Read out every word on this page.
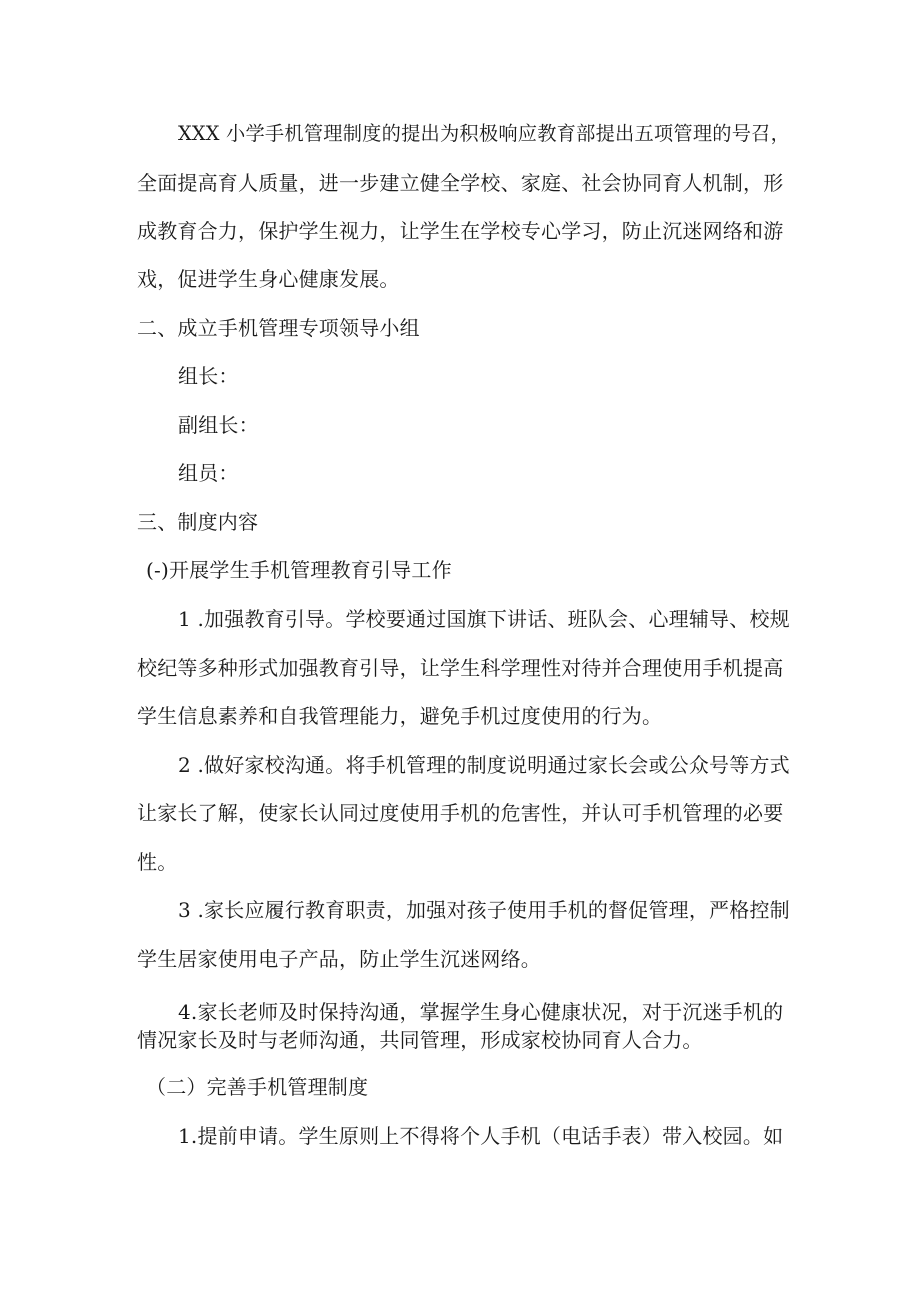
XXX 小学手机管理制度的提出为积极响应教育部提出五项管理的号召，
全面提高育人质量，进一步建立健全学校、家庭、社会协同育人机制，形
成教育合力，保护学生视力，让学生在学校专心学习，防止沉迷网络和游
戏，促进学生身心健康发展。
二、成立手机管理专项领导小组
组长：
副组长：
组员：
三、制度内容
(-)开展学生手机管理教育引导工作
1 .加强教育引导。学校要通过国旗下讲话、班队会、心理辅导、校规
校纪等多种形式加强教育引导，让学生科学理性对待并合理使用手机提高
学生信息素养和自我管理能力，避免手机过度使用的行为。
2 .做好家校沟通。将手机管理的制度说明通过家长会或公众号等方式
让家长了解，使家长认同过度使用手机的危害性，并认可手机管理的必要
性。
3 .家长应履行教育职责，加强对孩子使用手机的督促管理，严格控制
学生居家使用电子产品，防止学生沉迷网络。
4.家长老师及时保持沟通，掌握学生身心健康状况，对于沉迷手机的
情况家长及时与老师沟通，共同管理，形成家校协同育人合力。
（二）完善手机管理制度
1.提前申请。学生原则上不得将个人手机（电话手表）带入校园。如
